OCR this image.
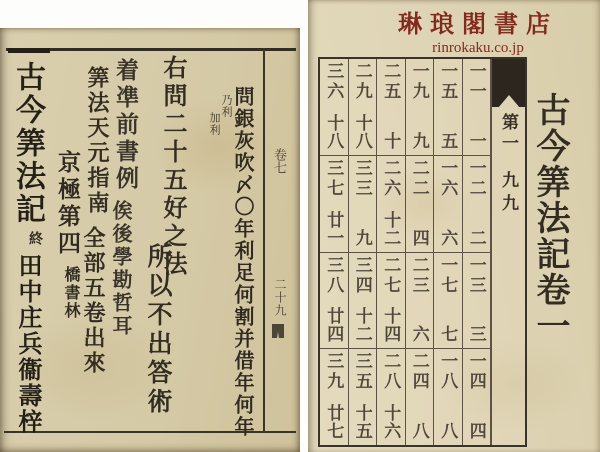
卷七
二十九
問銀灰吹〆〇年利足何割并借年何年
乃利
加利
右問二十五好之法
所以不出答術
着凖前書例
俟後學勘哲耳
筭法天元指南
全部五卷出來
京極第四
橋書林
古今筭法記
終
田中庄兵衞壽梓
琳琅閣書店
rinrokaku.co.jp
第一
九九
一一
一
一二
二
一三
三
一四
四
一五
五
一六
六
一七
七
一八
八
一九
九
二二
四
二三
六
二四
八
二五
十
二六
十二
二七
十四
二八
十六
二九
十八
三三
九
三四
十二
三五
十五
三六
十八
三七
廿一
三八
廿四
三九
廿七
古今筭法記卷一
